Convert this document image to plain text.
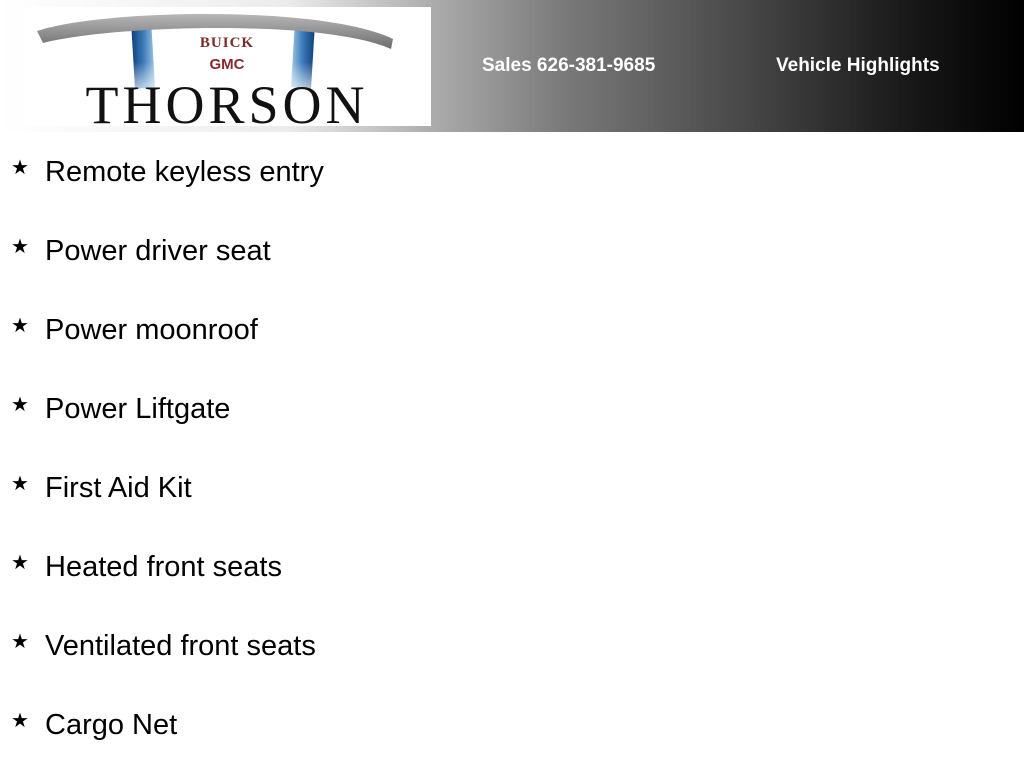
BUICK
GMC
THORSON
Sales 626-381-9685	Vehicle Highlights
★ Remote keyless entry
★ Power driver seat
★ Power moonroof
★ Power Liftgate
★ First Aid Kit
★ Heated front seats
★ Ventilated front seats
★ Cargo Net
